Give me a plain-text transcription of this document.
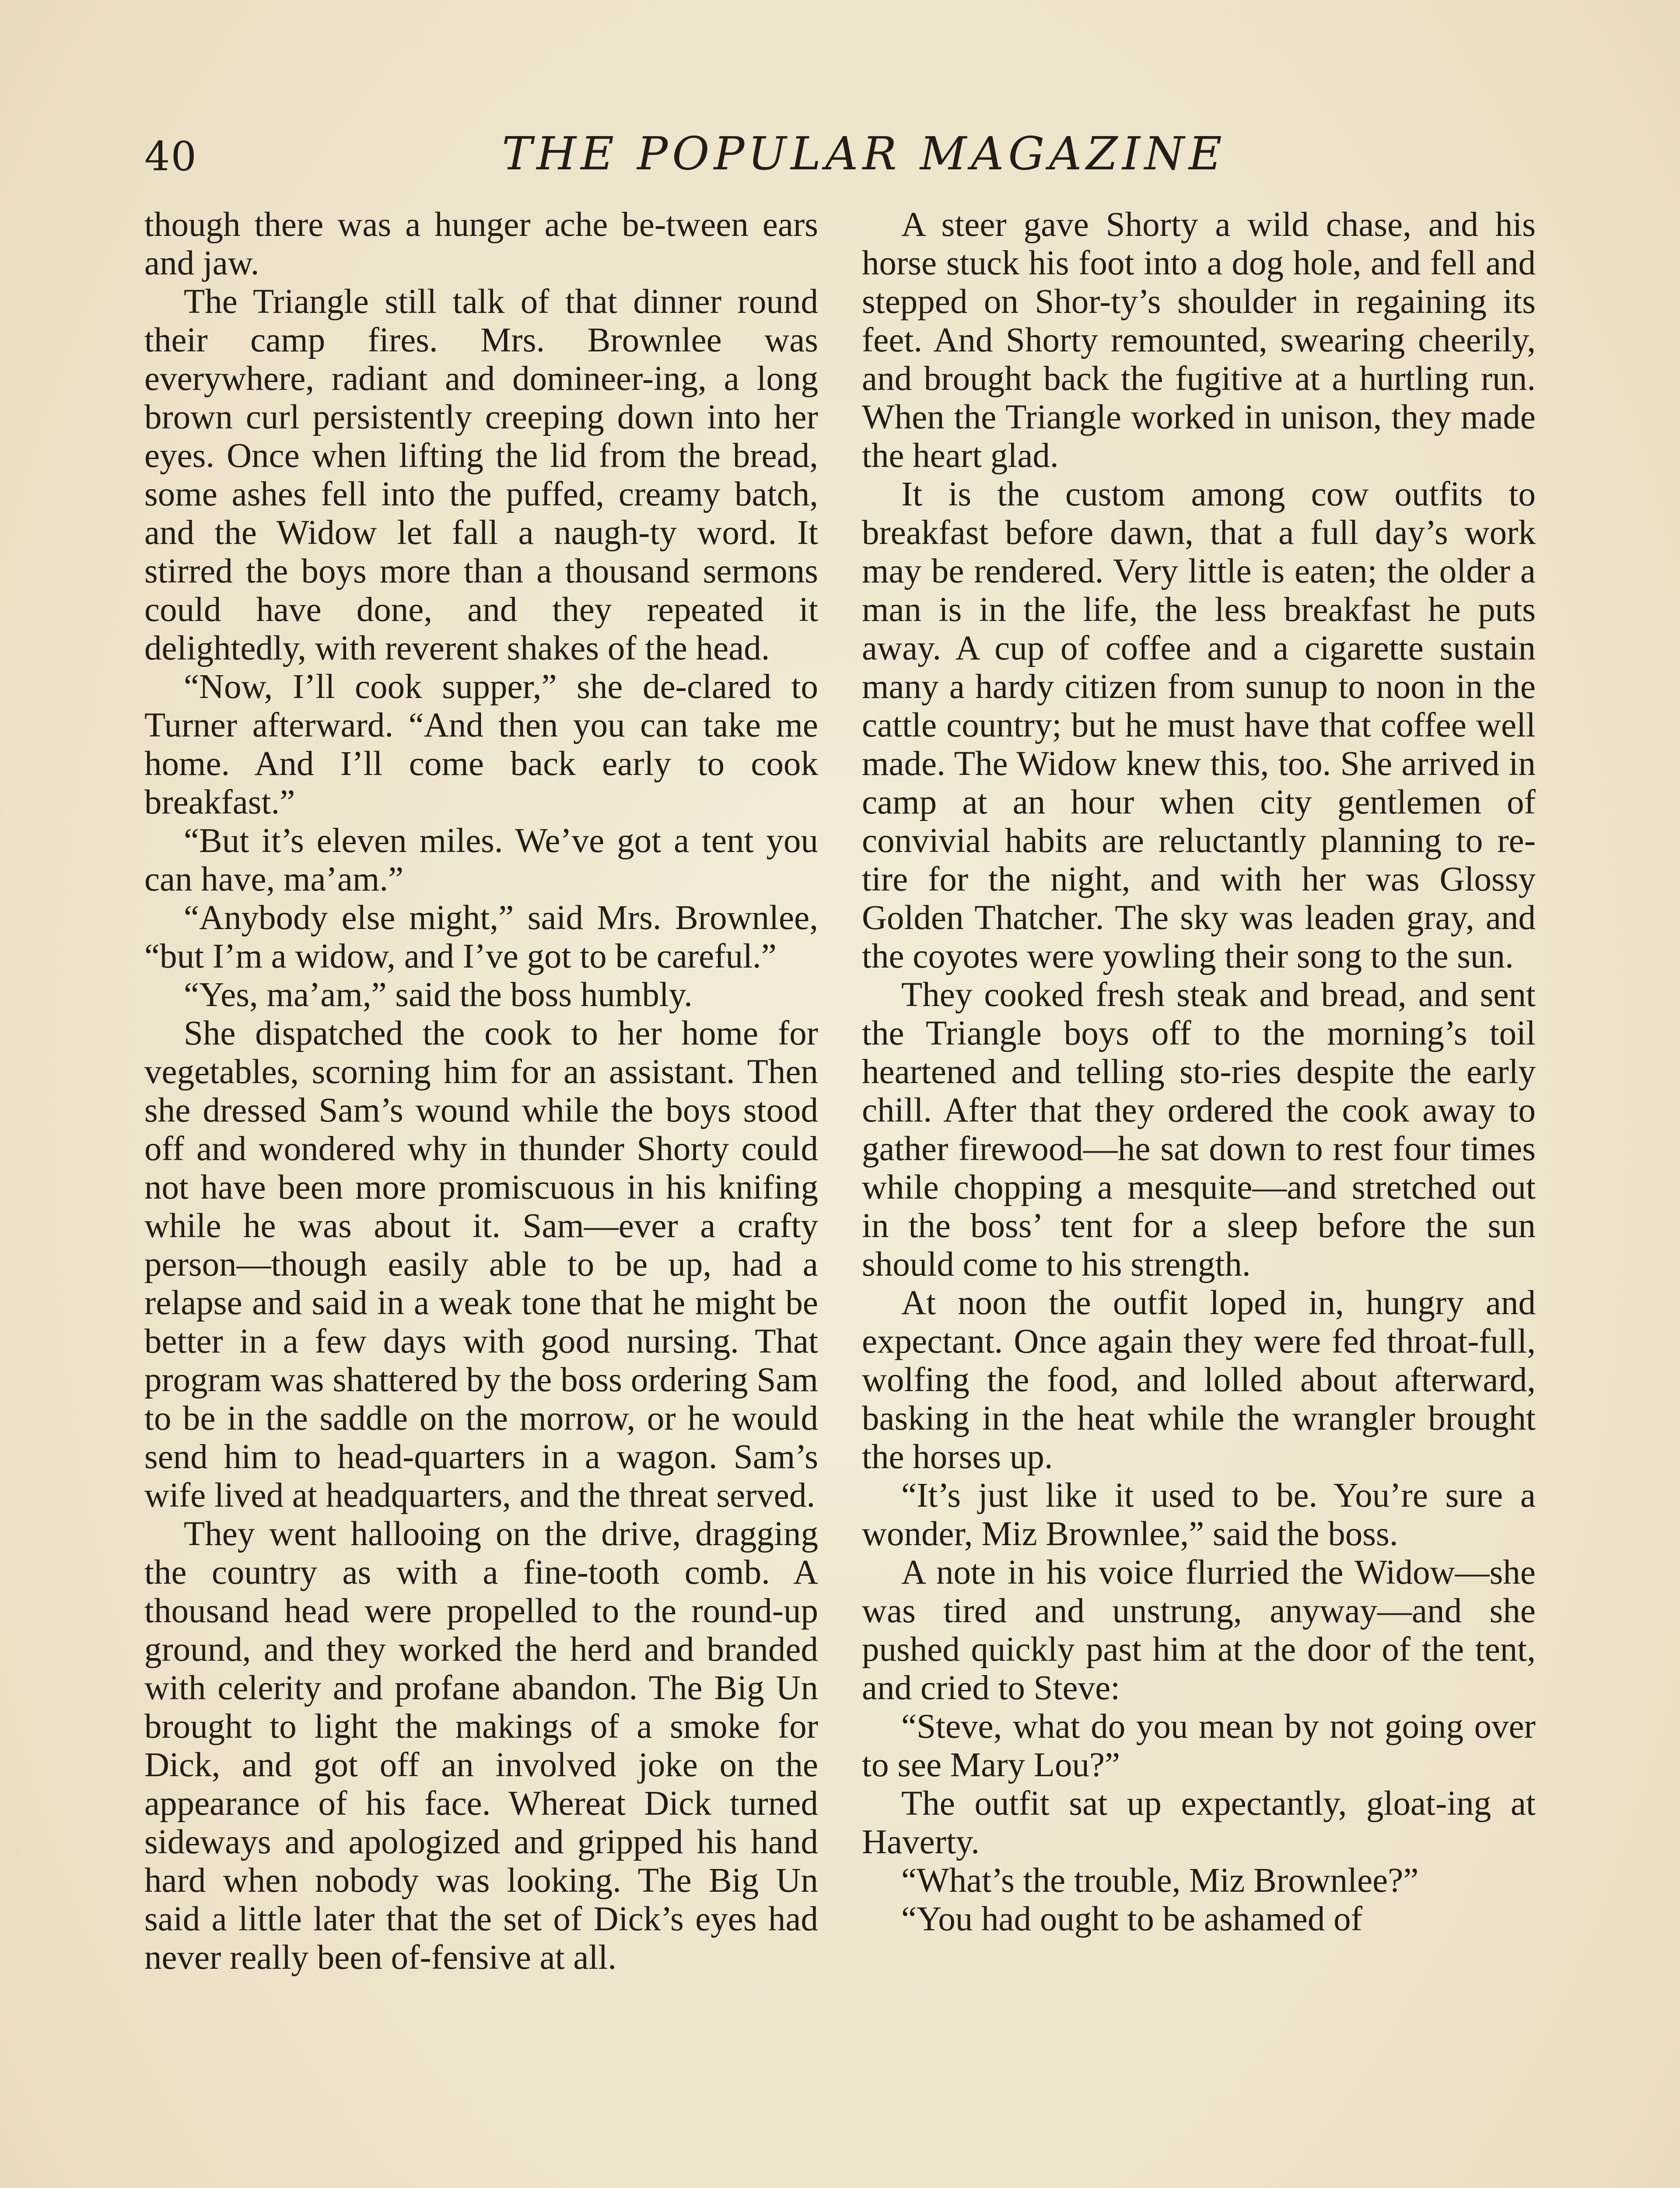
40	THE POPULAR MAGAZINE

though there was a hunger ache be-tween ears and jaw.

The Triangle still talk of that dinner round their camp fires. Mrs. Brownlee was everywhere, radiant and domineer-ing, a long brown curl persistently creeping down into her eyes. Once when lifting the lid from the bread, some ashes fell into the puffed, creamy batch, and the Widow let fall a naugh-ty word. It stirred the boys more than a thousand sermons could have done, and they repeated it delightedly, with reverent shakes of the head.

“Now, I’ll cook supper,” she de-clared to Turner afterward. “And then you can take me home. And I’ll come back early to cook breakfast.”

“But it’s eleven miles. We’ve got a tent you can have, ma’am.”

“Anybody else might,” said Mrs. Brownlee, “but I’m a widow, and I’ve got to be careful.”

“Yes, ma’am,” said the boss humbly.

She dispatched the cook to her home for vegetables, scorning him for an assistant. Then she dressed Sam’s wound while the boys stood off and wondered why in thunder Shorty could not have been more promiscuous in his knifing while he was about it. Sam—ever a crafty person—though easily able to be up, had a relapse and said in a weak tone that he might be better in a few days with good nursing. That program was shattered by the boss ordering Sam to be in the saddle on the morrow, or he would send him to head-quarters in a wagon. Sam’s wife lived at headquarters, and the threat served.

They went hallooing on the drive, dragging the country as with a fine-tooth comb. A thousand head were propelled to the round-up ground, and they worked the herd and branded with celerity and profane abandon. The Big Un brought to light the makings of a smoke for Dick, and got off an involved joke on the appearance of his face. Whereat Dick turned sideways and apologized and gripped his hand hard when nobody was looking. The Big Un said a little later that the set of Dick’s eyes had never really been of-fensive at all.

A steer gave Shorty a wild chase, and his horse stuck his foot into a dog hole, and fell and stepped on Shor-ty’s shoulder in regaining its feet. And Shorty remounted, swearing cheerily, and brought back the fugitive at a hurtling run. When the Triangle worked in unison, they made the heart glad.

It is the custom among cow outfits to breakfast before dawn, that a full day’s work may be rendered. Very little is eaten; the older a man is in the life, the less breakfast he puts away. A cup of coffee and a cigarette sustain many a hardy citizen from sunup to noon in the cattle country; but he must have that coffee well made. The Widow knew this, too. She arrived in camp at an hour when city gentlemen of convivial habits are reluctantly planning to re-tire for the night, and with her was Glossy Golden Thatcher. The sky was leaden gray, and the coyotes were yowling their song to the sun.

They cooked fresh steak and bread, and sent the Triangle boys off to the morning’s toil heartened and telling sto-ries despite the early chill. After that they ordered the cook away to gather firewood—he sat down to rest four times while chopping a mesquite—and stretched out in the boss’ tent for a sleep before the sun should come to his strength.

At noon the outfit loped in, hungry and expectant. Once again they were fed throat-full, wolfing the food, and lolled about afterward, basking in the heat while the wrangler brought the horses up.

“It’s just like it used to be. You’re sure a wonder, Miz Brownlee,” said the boss.

A note in his voice flurried the Widow—she was tired and unstrung, anyway—and she pushed quickly past him at the door of the tent, and cried to Steve:

“Steve, what do you mean by not going over to see Mary Lou?”

The outfit sat up expectantly, gloat-ing at Haverty.

“What’s the trouble, Miz Brownlee?”

“You had ought to be ashamed of
